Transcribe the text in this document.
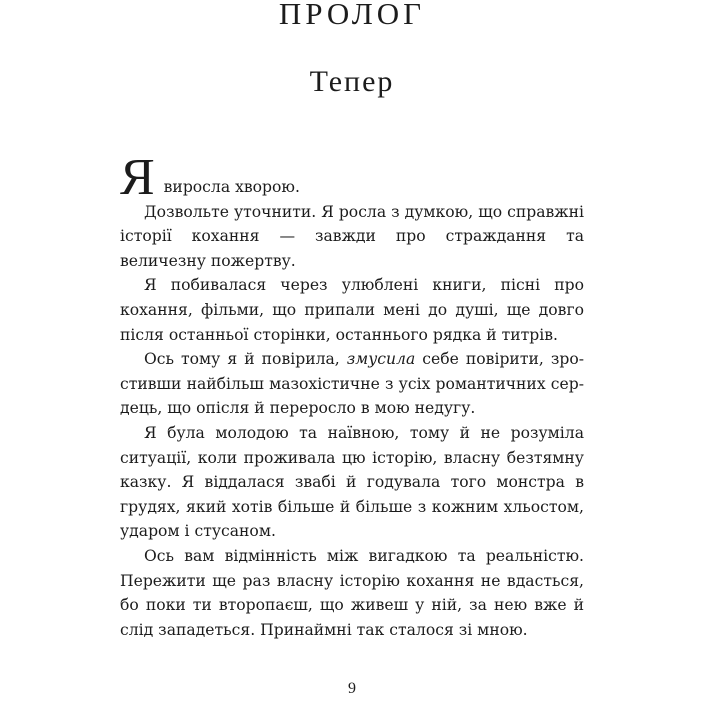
ПРОЛОГ
Тепер

Я виросла хворою.

Дозвольте уточнити. Я росла з думкою, що справжні історії кохання — завжди про страждання та величезну пожертву.

Я побивалася через улюблені книги, пісні про кохання, фільми, що припали мені до душі, ще довго після останньої сторінки, останнього рядка й титрів.

Ось тому я й повірила, змусила себе повірити, зростивши найбільш мазохістичне з усіх романтичних сердець, що опісля й переросло в мою недугу.

Я була молодою та наївною, тому й не розуміла ситуації, коли проживала цю історію, власну безтямну казку. Я віддалася звабі й годувала того монстра в грудях, який хотів більше й більше з кожним хльостом, ударом і стусаном.

Ось вам відмінність між вигадкою та реальністю. Пережити ще раз власну історію кохання не вдасться, бо поки ти второпаєш, що живеш у ній, за нею вже й слід западеться. Принаймні так сталося зі мною.

9
